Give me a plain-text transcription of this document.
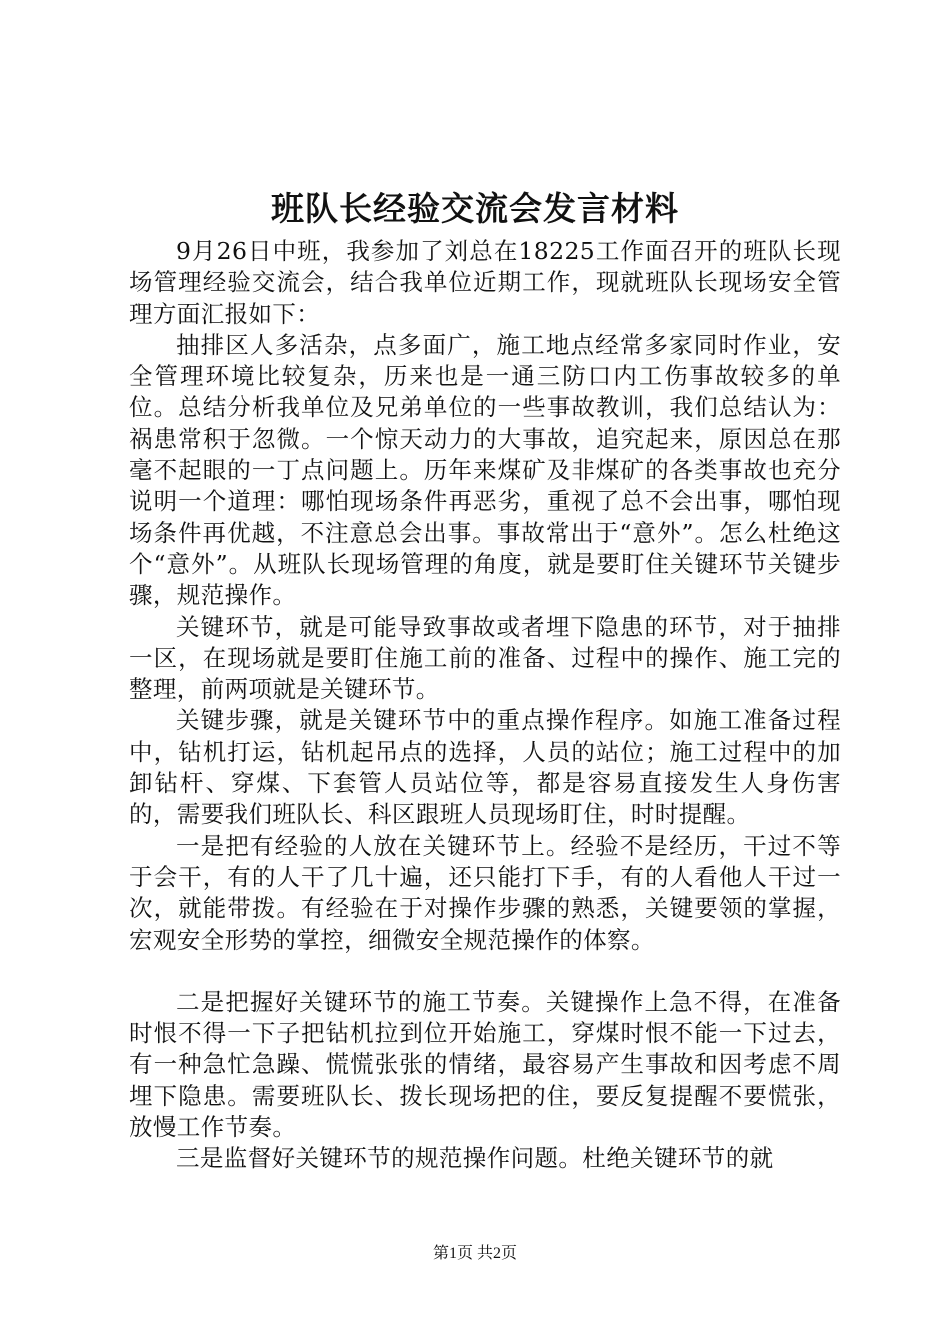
班队长经验交流会发言材料

9月26日中班，我参加了刘总在18225工作面召开的班队长现场管理经验交流会，结合我单位近期工作，现就班队长现场安全管理方面汇报如下：

抽排区人多活杂，点多面广，施工地点经常多家同时作业，安全管理环境比较复杂，历来也是一通三防口内工伤事故较多的单位。总结分析我单位及兄弟单位的一些事故教训，我们总结认为：祸患常积于忽微。一个惊天动力的大事故，追究起来，原因总在那毫不起眼的一丁点问题上。历年来煤矿及非煤矿的各类事故也充分说明一个道理：哪怕现场条件再恶劣，重视了总不会出事，哪怕现场条件再优越，不注意总会出事。事故常出于“意外”。怎么杜绝这个“意外”。从班队长现场管理的角度，就是要盯住关键环节关键步骤，规范操作。

关键环节，就是可能导致事故或者埋下隐患的环节，对于抽排一区，在现场就是要盯住施工前的准备、过程中的操作、施工完的整理，前两项就是关键环节。

关键步骤，就是关键环节中的重点操作程序。如施工准备过程中，钻机打运，钻机起吊点的选择，人员的站位；施工过程中的加卸钻杆、穿煤、下套管人员站位等，都是容易直接发生人身伤害的，需要我们班队长、科区跟班人员现场盯住，时时提醒。

一是把有经验的人放在关键环节上。经验不是经历，干过不等于会干，有的人干了几十遍，还只能打下手，有的人看他人干过一次，就能带拨。有经验在于对操作步骤的熟悉，关键要领的掌握，宏观安全形势的掌控，细微安全规范操作的体察。

二是把握好关键环节的施工节奏。关键操作上急不得，在准备时恨不得一下子把钻机拉到位开始施工，穿煤时恨不能一下过去，有一种急忙急躁、慌慌张张的情绪，最容易产生事故和因考虑不周埋下隐患。需要班队长、拨长现场把的住，要反复提醒不要慌张，放慢工作节奏。

三是监督好关键环节的规范操作问题。杜绝关键环节的就

第1页 共2页
